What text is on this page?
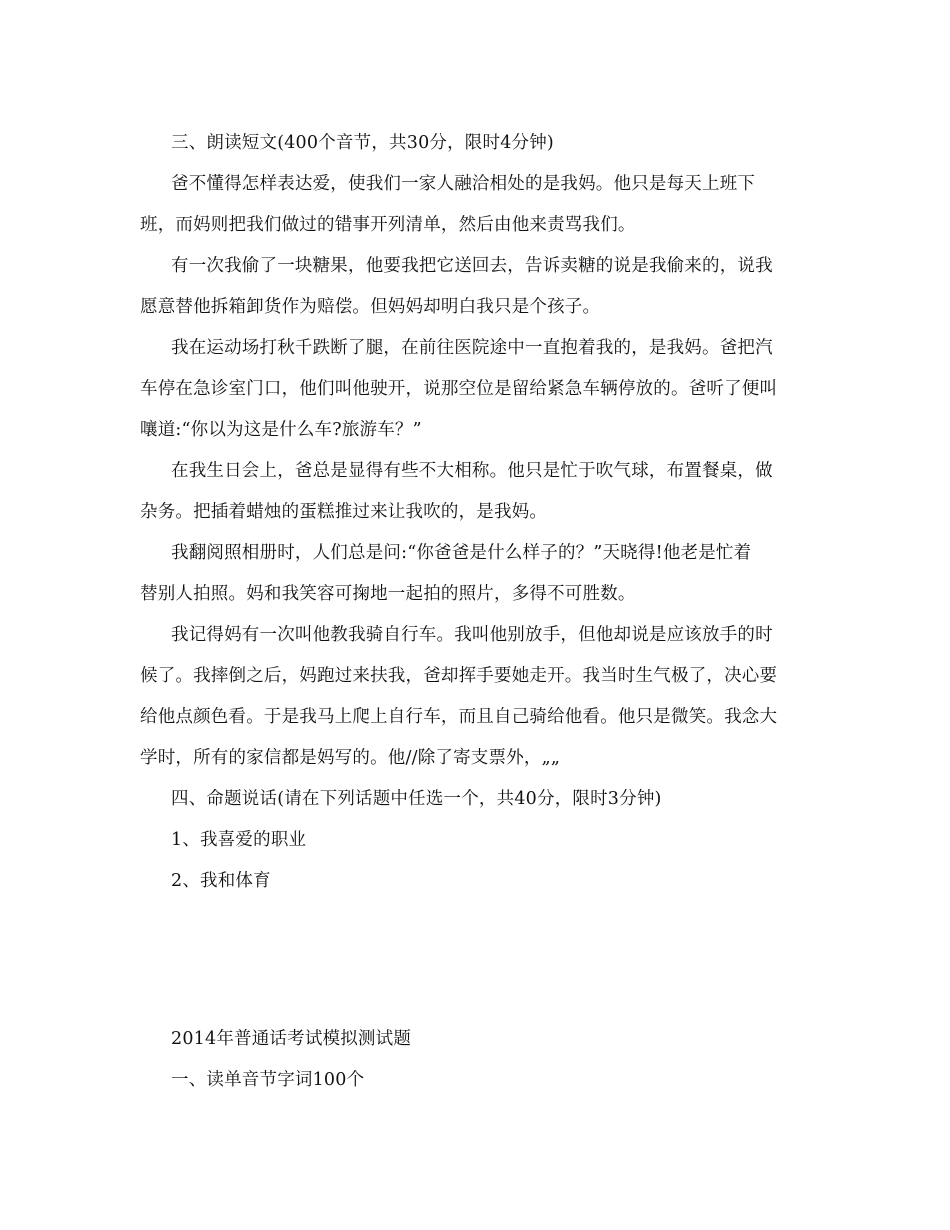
三、朗读短文(400个音节，共30分，限时4分钟)
爸不懂得怎样表达爱，使我们一家人融洽相处的是我妈。他只是每天上班下
班，而妈则把我们做过的错事开列清单，然后由他来责骂我们。
有一次我偷了一块糖果，他要我把它送回去，告诉卖糖的说是我偷来的，说我
愿意替他拆箱卸货作为赔偿。但妈妈却明白我只是个孩子。
我在运动场打秋千跌断了腿，在前往医院途中一直抱着我的，是我妈。爸把汽
车停在急诊室门口，他们叫他驶开，说那空位是留给紧急车辆停放的。爸听了便叫
嚷道:“你以为这是什么车?旅游车？”
在我生日会上，爸总是显得有些不大相称。他只是忙于吹气球，布置餐桌，做
杂务。把插着蜡烛的蛋糕推过来让我吹的，是我妈。
我翻阅照相册时，人们总是问:“你爸爸是什么样子的？”天晓得!他老是忙着
替别人拍照。妈和我笑容可掬地一起拍的照片，多得不可胜数。
我记得妈有一次叫他教我骑自行车。我叫他别放手，但他却说是应该放手的时
候了。我摔倒之后，妈跑过来扶我，爸却挥手要她走开。我当时生气极了，决心要
给他点颜色看。于是我马上爬上自行车，而且自己骑给他看。他只是微笑。我念大
学时，所有的家信都是妈写的。他//除了寄支票外，„„
四、命题说话(请在下列话题中任选一个，共40分，限时3分钟)
1、我喜爱的职业
2、我和体育
2014年普通话考试模拟测试题
一、读单音节字词100个
